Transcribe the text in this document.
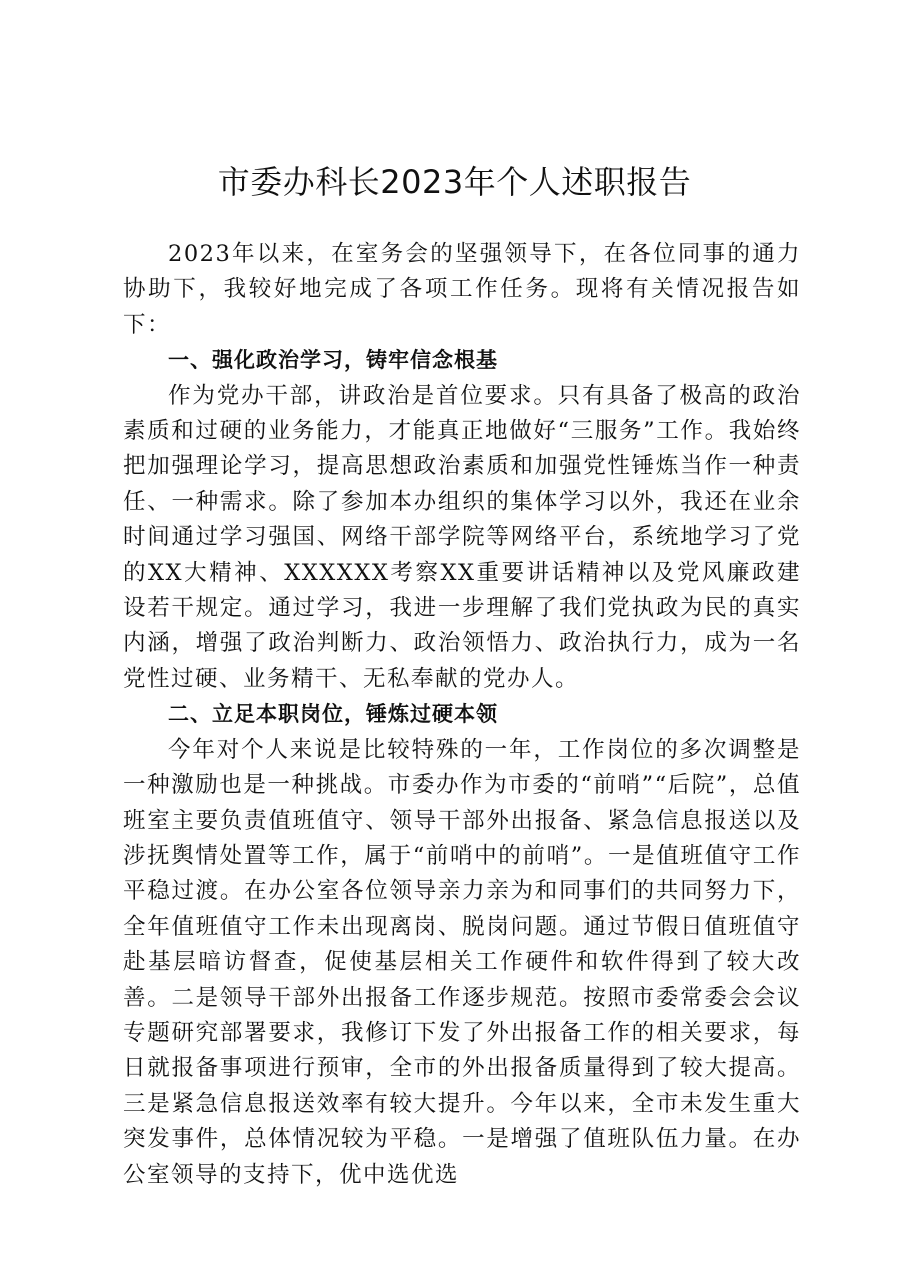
市委办科长2023年个人述职报告

2023年以来，在室务会的坚强领导下，在各位同事的通力协助下，我较好地完成了各项工作任务。现将有关情况报告如下：

一、强化政治学习，铸牢信念根基

作为党办干部，讲政治是首位要求。只有具备了极高的政治素质和过硬的业务能力，才能真正地做好“三服务”工作。我始终把加强理论学习，提高思想政治素质和加强党性锤炼当作一种责任、一种需求。除了参加本办组织的集体学习以外，我还在业余时间通过学习强国、网络干部学院等网络平台，系统地学习了党的XX大精神、XXXXXX考察XX重要讲话精神以及党风廉政建设若干规定。通过学习，我进一步理解了我们党执政为民的真实内涵，增强了政治判断力、政治领悟力、政治执行力，成为一名党性过硬、业务精干、无私奉献的党办人。

二、立足本职岗位，锤炼过硬本领

今年对个人来说是比较特殊的一年，工作岗位的多次调整是一种激励也是一种挑战。市委办作为市委的“前哨”“后院”，总值班室主要负责值班值守、领导干部外出报备、紧急信息报送以及涉抚舆情处置等工作，属于“前哨中的前哨”。一是值班值守工作平稳过渡。在办公室各位领导亲力亲为和同事们的共同努力下，全年值班值守工作未出现离岗、脱岗问题。通过节假日值班值守赴基层暗访督查，促使基层相关工作硬件和软件得到了较大改善。二是领导干部外出报备工作逐步规范。按照市委常委会会议专题研究部署要求，我修订下发了外出报备工作的相关要求，每日就报备事项进行预审，全市的外出报备质量得到了较大提高。三是紧急信息报送效率有较大提升。今年以来，全市未发生重大突发事件，总体情况较为平稳。一是增强了值班队伍力量。在办公室领导的支持下，优中选优选
